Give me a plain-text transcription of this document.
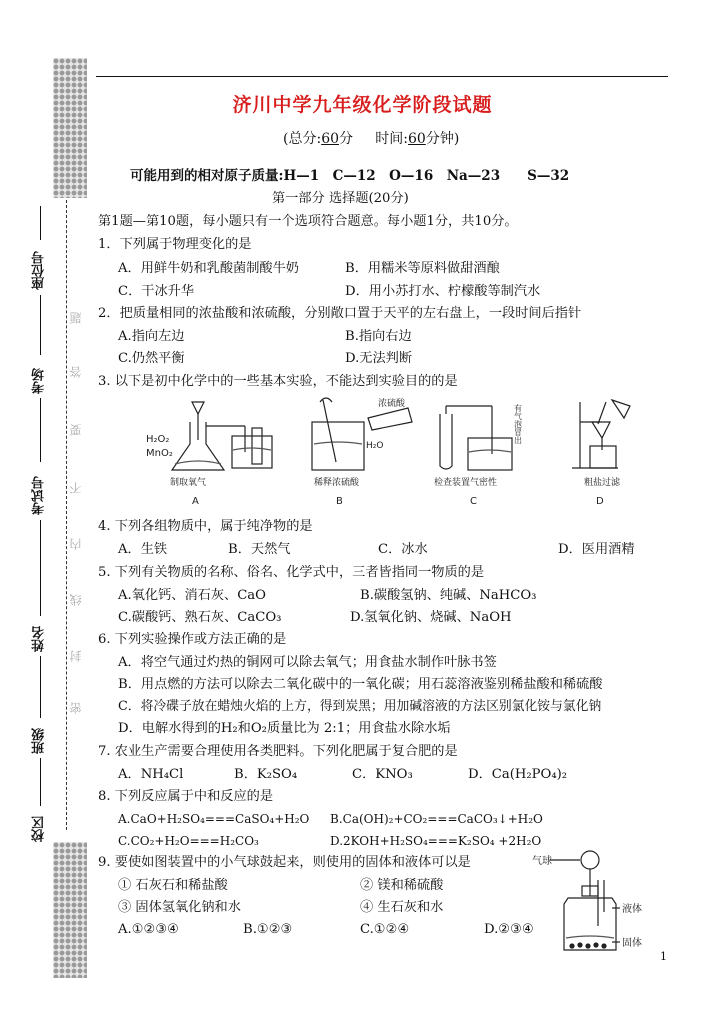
座位号
考场
考试号
姓名
班级
校区
题
答
要
不
内
线
封
密
济川中学九年级化学阶段试题
(总分:60分 时间:60分钟)
可能用到的相对原子质量:H—1　C—12　O—16　Na—23　　S—32
第一部分 选择题(20分)
第1题—第10题，每小题只有一个选项符合题意。每小题1分，共10分。
1．下列属于物理变化的是
A．用鲜牛奶和乳酸菌制酸牛奶	B．用糯米等原料做甜酒酿
C．干冰升华	D．用小苏打水、柠檬酸等制汽水
2．把质量相同的浓盐酸和浓硫酸，分别敞口置于天平的左右盘上，一段时间后指针
A.指向左边	B.指向右边
C.仍然平衡	D.无法判断
3. 以下是初中化学中的一些基本实验，不能达到实验目的的是
H₂O₂
MnO₂
制取氧气
A
浓硫酸
H₂O
稀释浓硫酸
B
有气泡冒出
检查装置气密性
C
粗盐过滤
D
4. 下列各组物质中，属于纯净物的是
A．生铁	B．天然气	C．冰水	D．医用酒精
5. 下列有关物质的名称、俗名、化学式中，三者皆指同一物质的是
A.氧化钙、消石灰、CaO	B.碳酸氢钠、纯碱、NaHCO₃
C.碳酸钙、熟石灰、CaCO₃	D.氢氧化钠、烧碱、NaOH
6. 下列实验操作或方法正确的是
A．将空气通过灼热的铜网可以除去氧气；用食盐水制作叶脉书签
B．用点燃的方法可以除去二氧化碳中的一氧化碳；用石蕊溶液鉴别稀盐酸和稀硫酸
C．将冷碟子放在蜡烛火焰的上方，得到炭黑；用加碱溶液的方法区别氯化铵与氯化钠
D．电解水得到的H₂和O₂质量比为 2:1；用食盐水除水垢
7. 农业生产需要合理使用各类肥料。下列化肥属于复合肥的是
A．NH₄Cl	B．K₂SO₄	C．KNO₃	D．Ca(H₂PO₄)₂
8. 下列反应属于中和反应的是
A.CaO+H₂SO₄===CaSO₄+H₂O B.Ca(OH)₂+CO₂===CaCO₃↓+H₂O
C.CO₂+H₂O===H₂CO₃	D.2KOH+H₂SO₄===K₂SO₄ +2H₂O
9. 要使如图装置中的小气球鼓起来，则使用的固体和液体可以是
① 石灰石和稀盐酸	② 镁和稀硫酸
③ 固体氢氧化钠和水	④ 生石灰和水
A.①②③④	B.①②③	C.①②④	D.②③④
气球
液体
固体
1
